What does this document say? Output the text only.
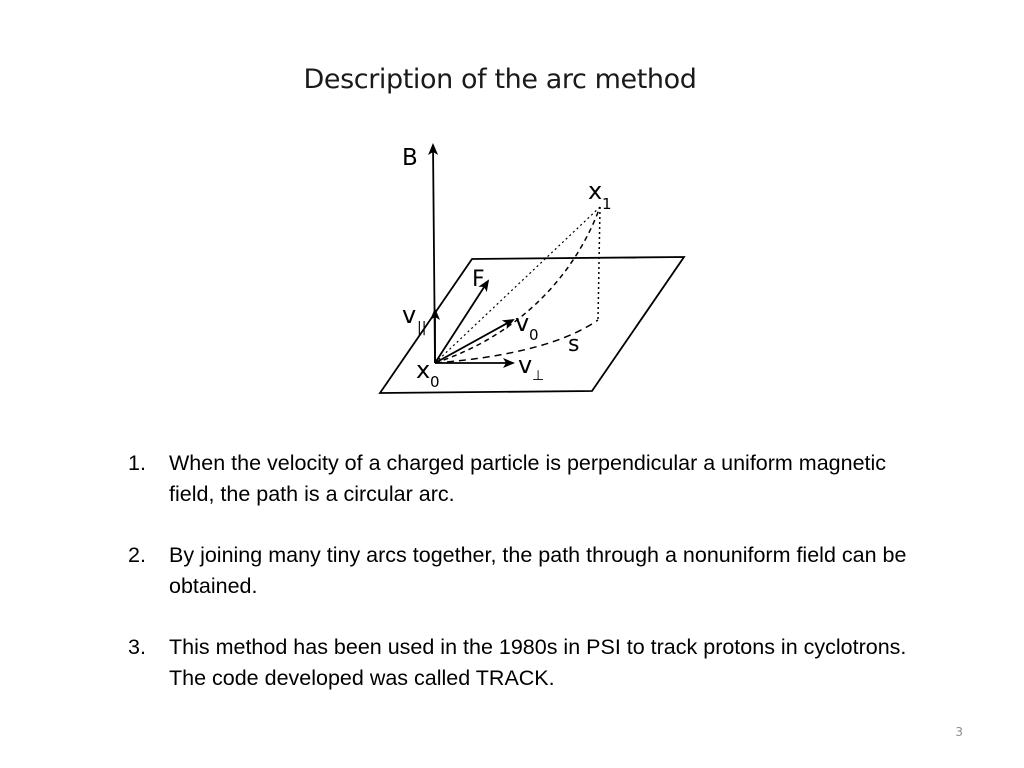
Description of the arc method
B
x 1
F
v ||	v 0 s
x 0
v ⊥
1. When the velocity of a charged particle is perpendicular a uniform magnetic field, the path is a circular arc.
2. By joining many tiny arcs together, the path through a nonuniform field can be obtained.
3. This method has been used in the 1980s in PSI to track protons in cyclotrons. The code developed was called TRACK.
3
